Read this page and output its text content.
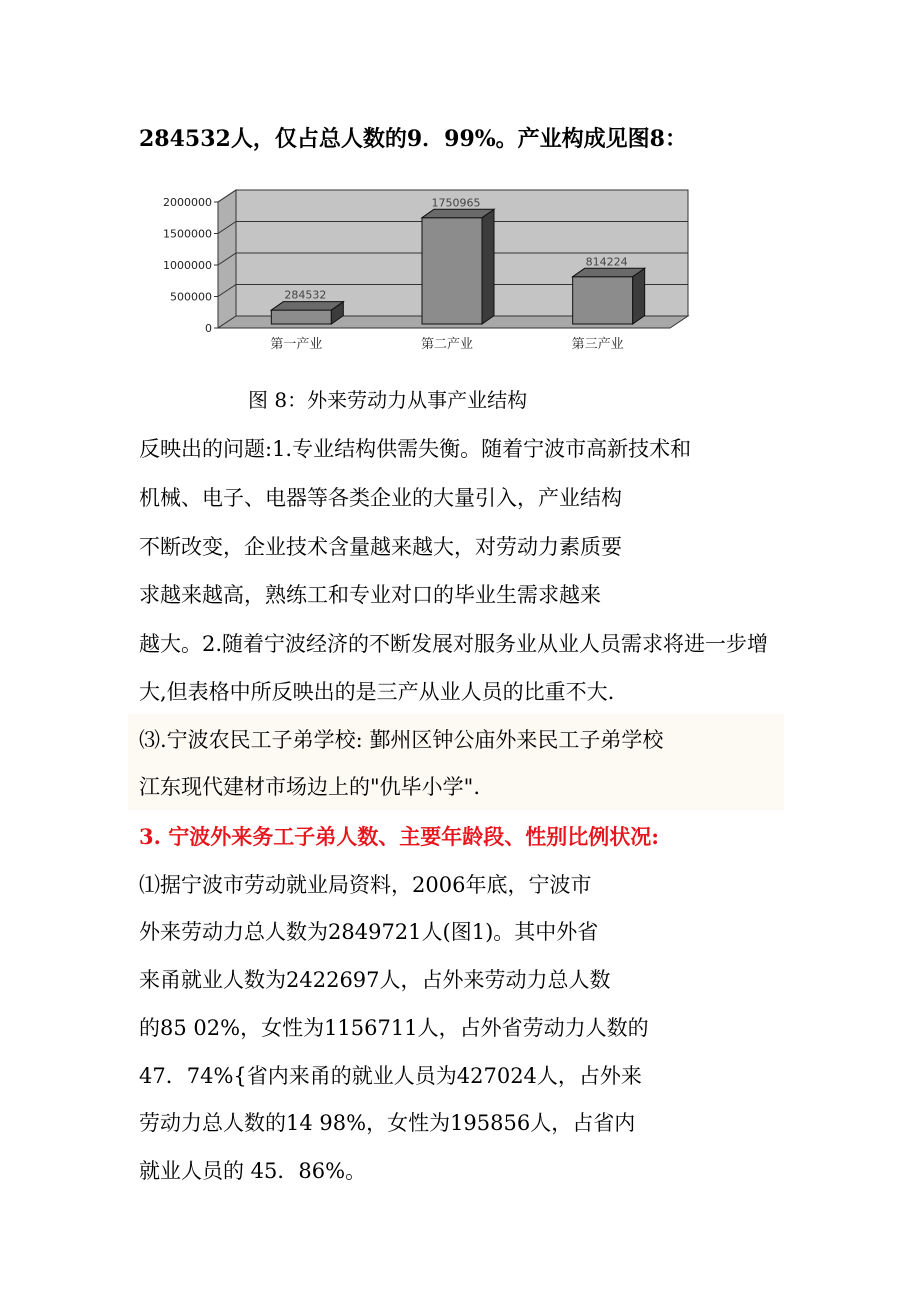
284532人，仅占总人数的9．99%。产业构成见图8：
0
500000
1000000
1500000
2000000
284532
1750965
814224
第一产业	第二产业	第三产业
图 8：外来劳动力从事产业结构
反映出的问题:1.专业结构供需失衡。随着宁波市高新技术和
机械、电子、电器等各类企业的大量引入，产业结构
不断改变，企业技术含量越来越大，对劳动力素质要
求越来越高，熟练工和专业对口的毕业生需求越来
越大。2.随着宁波经济的不断发展对服务业从业人员需求将进一步增
大,但表格中所反映出的是三产从业人员的比重不大.
⑶.宁波农民工子弟学校: 鄞州区钟公庙外来民工子弟学校
江东现代建材市场边上的"仇毕小学".
3. 宁波外来务工子弟人数、主要年龄段、性别比例状况:
⑴据宁波市劳动就业局资料，2006年底，宁波市
外来劳动力总人数为2849721人(图1)。其中外省
来甬就业人数为2422697人，占外来劳动力总人数
的85 02%，女性为1156711人，占外省劳动力人数的
47．74%{省内来甬的就业人员为427024人，占外来
劳动力总人数的14 98%，女性为195856人，占省内
就业人员的 45．86%。
